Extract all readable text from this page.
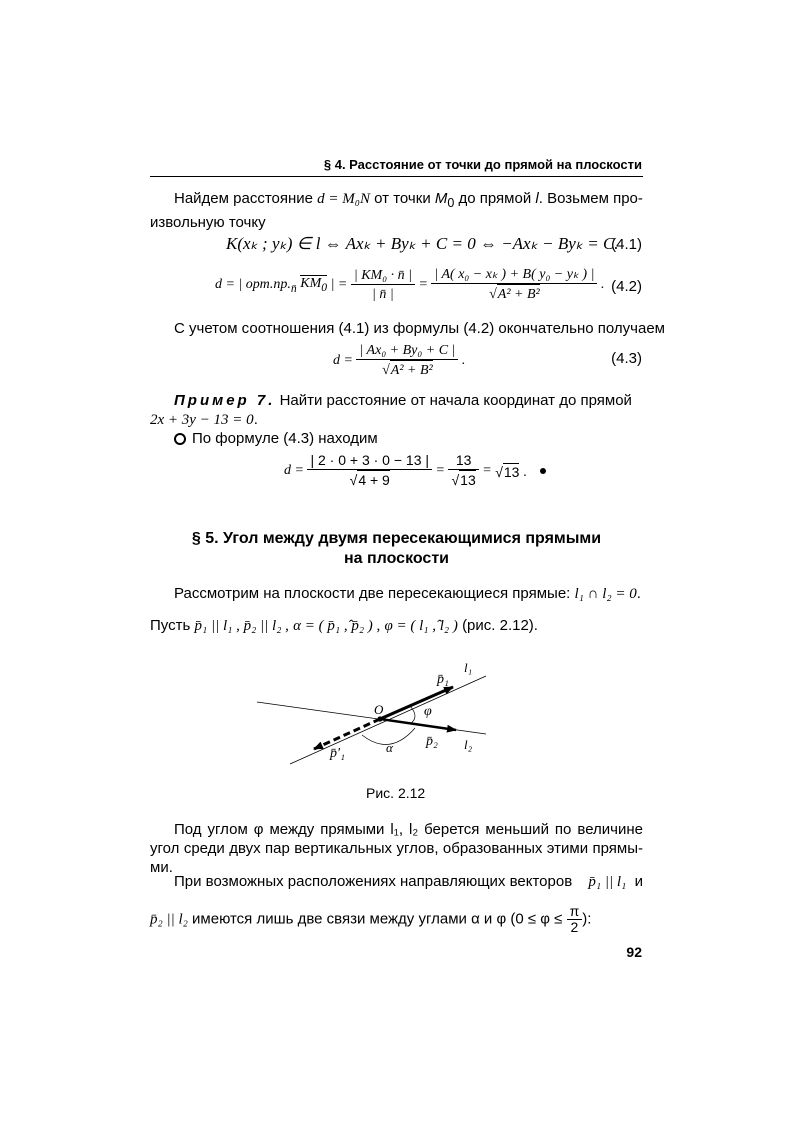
§ 4. Расстояние от точки до прямой на плоскости
Найдем расстояние d = M₀N от точки $M_0$ до прямой l. Возьмем про-
извольную точку
K(xₖ ; yₖ) ∈ l ⇔ Axₖ + Byₖ + C = 0 ⇔ −Axₖ − Byₖ = C.
(4.1)
d = | $орт.пр._{n̄}$ $KM_0$ | = $\frac{\text{| KM₀ · n̄ |}}{| n̄ |} = \frac{\text{| A( x₀ − xₖ ) + B( y₀ − yₖ ) |}}{\text{√A² + B²}}$ . (4.2)
С учетом соотношения (4.1) из формулы (4.2) окончательно получаем
$d = \frac{\text{| Ax₀ + By₀ + C |}}{\text{√A² + B²}}$ .	(4.3)
Пример 7. Найти расстояние от начала координат до прямой
2x + 3y − 13 = 0.
По формуле (4.3) находим
$d = \frac{| 2 \cdot 0 + 3 \cdot 0 - 13 |}{√4 + 9} = \frac{13}{√13} = √13$ .
§ 5. Угол между двумя пересекающимися прямыми
на плоскости
Рассмотрим на плоскости две пересекающиеся прямые: l₁ ∩ l₂ = 0.
Пусть p̄₁ || l₁ , p̄₂ || l₂ , α = ( p̄₁ ,̂ p̄₂ ) , φ = ( l₁ ,̂ l₂ ) (рис. 2.12).
l₁
l₂
p̄₁
p̄₂
p̄′₁
O	φ
α
Рис. 2.12
Под углом φ между прямыми l₁, l₂ берется меньший по величине угол среди двух пар вертикальных углов, образованных этими прямы-ми.
При возможных расположениях направляющих векторов p̄₁ || l₁ и
p̄₂ || l₂ имеются лишь две связи между углами α и φ ($0 \le \varphi \le \frac{\pi}{2}$ ):
92
